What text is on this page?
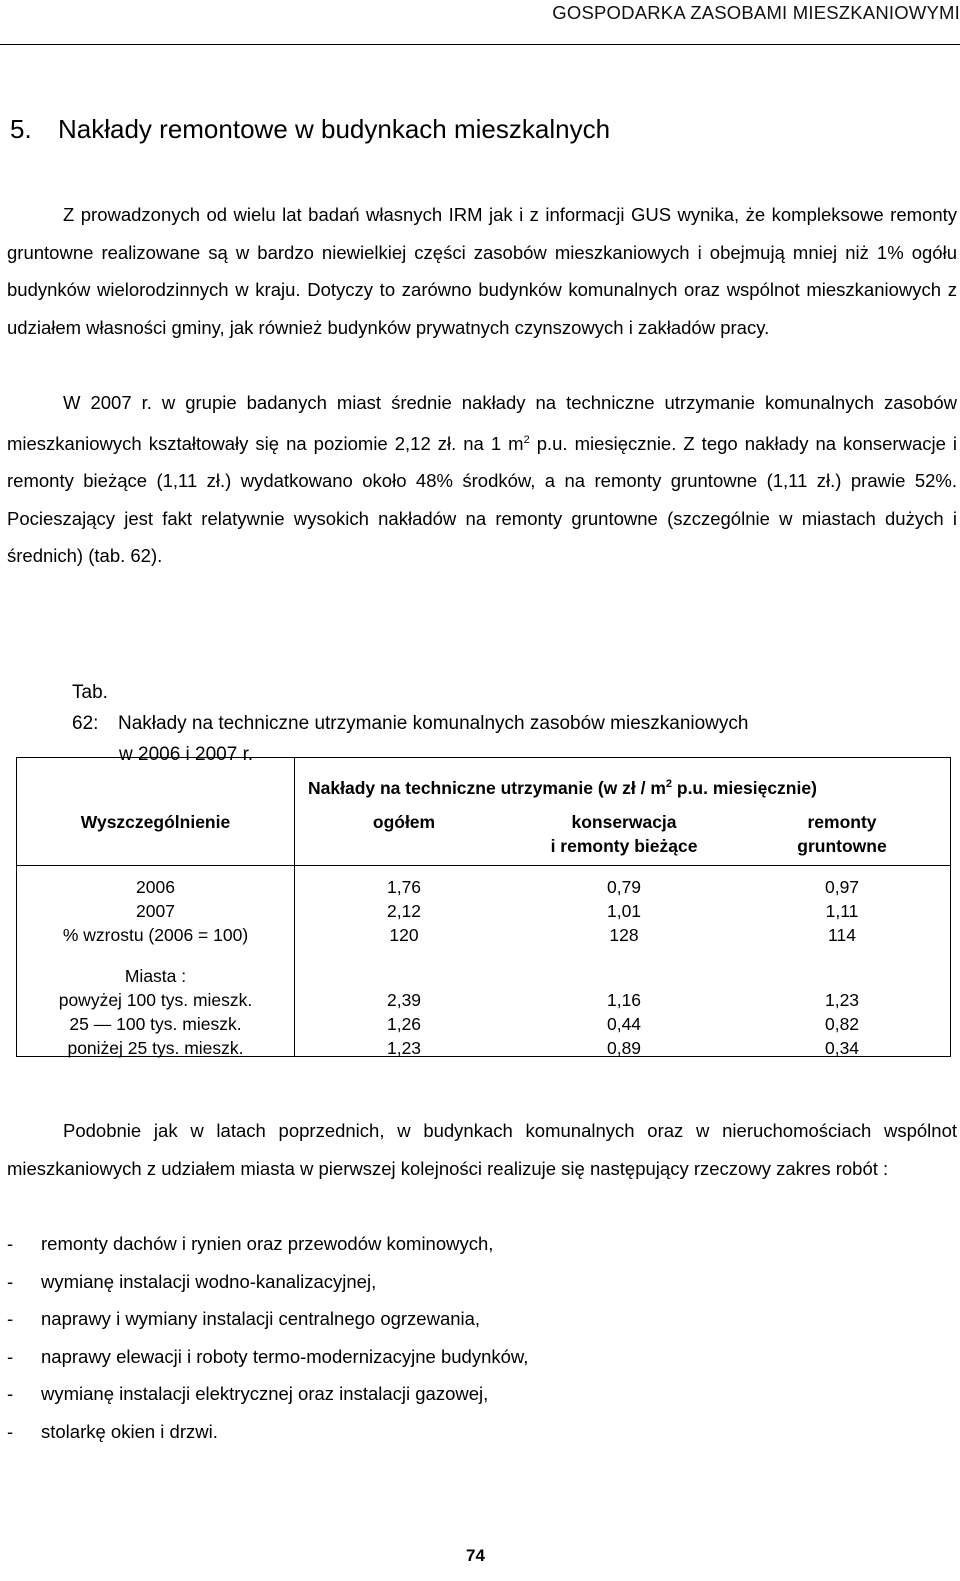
GOSPODARKA ZASOBAMI MIESZKANIOWYMI
5. Nakłady remontowe w budynkach mieszkalnych

Z prowadzonych od wielu lat badań własnych IRM jak i z informacji GUS wynika, że kompleksowe remonty gruntowne realizowane są w bardzo niewielkiej części zasobów mieszkaniowych i obejmują mniej niż 1% ogółu budynków wielorodzinnych w kraju. Dotyczy to zarówno budynków komunalnych oraz wspólnot mieszkaniowych z udziałem własności gminy, jak również budynków prywatnych czynszowych i zakładów pracy.

W 2007 r. w grupie badanych miast średnie nakłady na techniczne utrzymanie komunalnych zasobów mieszkaniowych kształtowały się na poziomie 2,12 zł. na 1 $m^2$ p.u. miesięcznie. Z tego nakłady na konserwacje i remonty bieżące (1,11 zł.) wydatkowano około 48% środków, a na remonty gruntowne (1,11 zł.) prawie 52%. Pocieszający jest fakt relatywnie wysokich nakładów na remonty gruntowne (szczególnie w miastach dużych i średnich) (tab. 62).

Tab. 62: Nakłady na techniczne utrzymanie komunalnych zasobów mieszkaniowych
w 2006 i 2007 r.
Nakłady na techniczne utrzymanie (w zł / $m^2$ p.u. miesięcznie)
Wyszczególnienie	ogółem	konserwacja
i remonty bieżące
remonty
gruntowne
2006
2007
% wzrostu (2006 = 100)
1,76
2,12
120
0,79
1,01
128
0,97
1,11
114
Miasta :
powyżej 100 tys. mieszk.
25 — 100 tys. mieszk.
poniżej 25 tys. mieszk.
2,39
1,26
1,23
1,16
0,44
0,89
1,23
0,82
0,34

Podobnie jak w latach poprzednich, w budynkach komunalnych oraz w nieruchomościach wspólnot mieszkaniowych z udziałem miasta w pierwszej kolejności realizuje się następujący rzeczowy zakres robót :

- remonty dachów i rynien oraz przewodów kominowych,
- wymianę instalacji wodno-kanalizacyjnej,
- naprawy i wymiany instalacji centralnego ogrzewania,
- naprawy elewacji i roboty termo-modernizacyjne budynków,
- wymianę instalacji elektrycznej oraz instalacji gazowej,
- stolarkę okien i drzwi.
74
